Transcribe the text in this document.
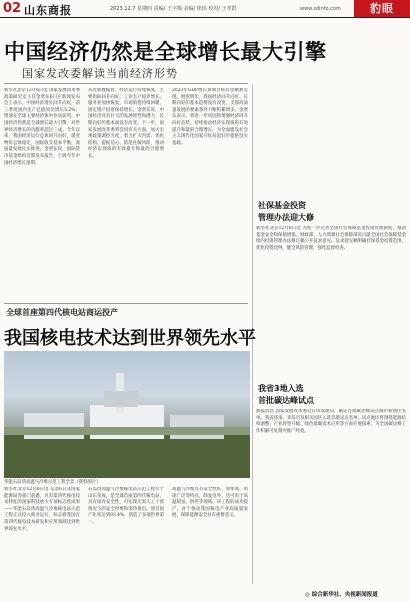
02 山东商报	2023.12.7 星期四 责编/ 王宇梅 美编/ 徐玮 校对/ 王孝群	www.sdinfo.com	豹眼
中国经济仍然是全球增长最大引擎
国家发改委解读当前经济形势
新华社北京12月6日电 国家发展改革委政策研究室主任金贤东6日在新闻发布会上表示，中国经济增长回升向好，前三季度国内生产总值同比增长5.2%，增速在全球主要经济体中位居前列。中国经济仍然是全球增长最大引擎，对世界经济增长的贡献率超过三成。今年以来，我国经济运行总体回升向好，就业物价总体稳定，国际收支基本平衡，高质量发展扎实推进。金贤东说，国际货币基金组织近期发布报告，上调今年中国经济增长预期。
从近期数据看，经济运行持续恢复，主要指标回升向好。工业生产稳步增长，服务业加快恢复，市场销售持续回暖，固定资产投资保持增长。金贤东说，中国经济具有巨大的发展韧性和潜力，长期向好的基本面没有改变。下一步，国家发展改革委将会同有关方面，加大宏观政策调控力度，着力扩大内需、优化结构、提振信心、防范化解风险，推动经济实现质的有效提升和量的合理增长。
2023年GDP增长预期目标有望顺利实现。展望明年，我国经济回升向好、长期向好的基本趋势没有改变，支撑高质量发展的要素条件不断积累增多。金贤东表示，将进一步巩固和增强经济回升向好态势，持续推动经济实现质的有效提升和量的合理增长，为全面建设社会主义现代化国家开好局起好步提供坚实基础。
社保基金投资
管理办法迎大修
新华社北京12月6日电 为进一步完善全国社会保障基金投资管理制度，推动基金安全和保值增值，财政部、人力资源社会保障部近日就全国社会保障基金境内投资管理办法修订稿公开征求意见。征求意见稿明确社保基金投资范围，优化投资比例，健全风险管理，强化监督检查。
我省3地入选
首批碳达峰试点
商报消息 国家发展改革委近日印发通知，确定首批碳达峰试点城市和园区名单。我省济南、青岛市及相关园区入选首批试点名单。试点地区将围绕能源结构调整、产业转型升级、绿色低碳技术应用等方面开展探索，为全国碳达峰工作积累可复制可推广经验。
全球首座第四代核电站商运投产
我国核电技术达到世界领先水平
华能石岛湾高温气冷堆示范工程全景（资料图片）
新华社北京12月6日电 记者6日从国家能源局等部门获悉，具有第四代核电技术特征的国家科技重大专项标志性成果——华能石岛湾高温气冷堆核电站示范工程正式投入商业运行，标志着我国在第四代核电技术研发和应用领域达到世界领先水平。
石岛湾高温气冷堆核电站示范工程位于山东荣成，是全球首座第四代核电站，具有固有安全性，可实现无需人工干预情况下的安全停堆和余热排出。项目国产化率达到93.4%，创造了多项世界第一。
高温气冷堆具有安全性好、效率高、用途广泛等特点，除发电外，还可用于高温制氢、供热等领域。该工程的成功投产，对于推动我国核电产业高质量发展、保障能源安全具有重要意义。
◎ 综合新华社、央视新闻报道
